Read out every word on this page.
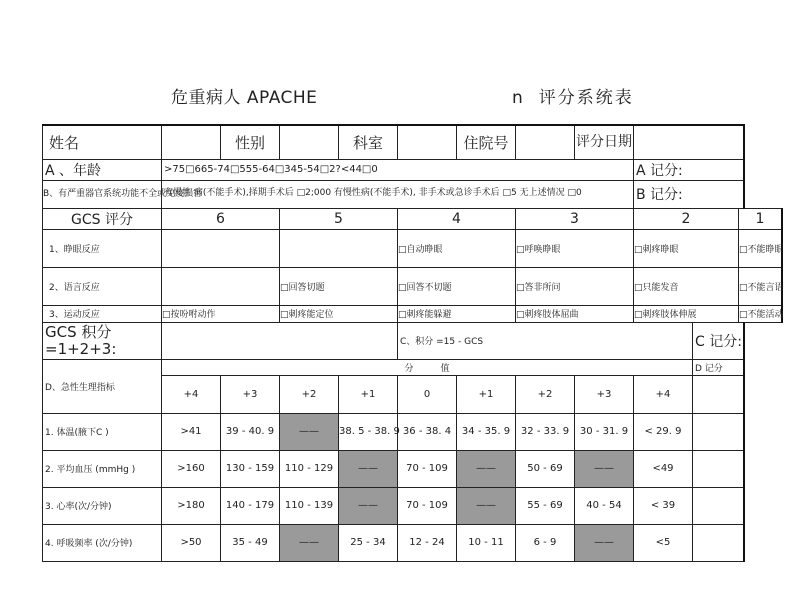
危重病人 APACHE	n 评分系统表
姓名		性别		科室		住院号		评分日期			
A 、年龄	>75□665-74□555-64□345-54□2?<44□0								A 记分:		
B、有严重器官系统功能不全或免疫损害	有慢性 病(不能手术),择期手术后 □2;000 有慢性病(不能手术), 非手术或急诊手术后 □5 无上述情况 □0								B 记分:		
GCS 评分	6		5		4		3		2		1
1、睁眼反应					□自动睁眼		□呼唤睁眼		□刺疼睁眼		□不能睁眼
2、语言反应			□回答切题		□回答不切题		□答非所问		□只能发音		□不能言语
3、运动反应	□按吩咐动作		□刺疼能定位		□刺疼能躲避		□刺疼肢体屈曲		□刺疼肢体伸展		□不能活动

GCS 积分
=1+2+3:					C、积分 =15 - GCS					C 记分:	
D、急性生理指标	分　　　值									D 记分	
	+4	+3	+2	+1	0	+1	+2	+3	+4		
1. 体温(腋下C )	>41	39 - 40. 9	——	38. 5 - 38. 9	36 - 38. 4	34 - 35. 9	32 - 33. 9	30 - 31. 9	< 29. 9		
2. 平均血压 (mmHg )	>160	130 - 159	110 - 129	——	70 - 109	——	50 - 69	——	<49		
3. 心率(次/分钟)	>180	140 - 179	110 - 139	——	70 - 109	——	55 - 69	40 - 54	< 39		
4. 呼吸频率 (次/分钟)	>50	35 - 49	——	25 - 34	12 - 24	10 - 11	6 - 9	——	<5		
